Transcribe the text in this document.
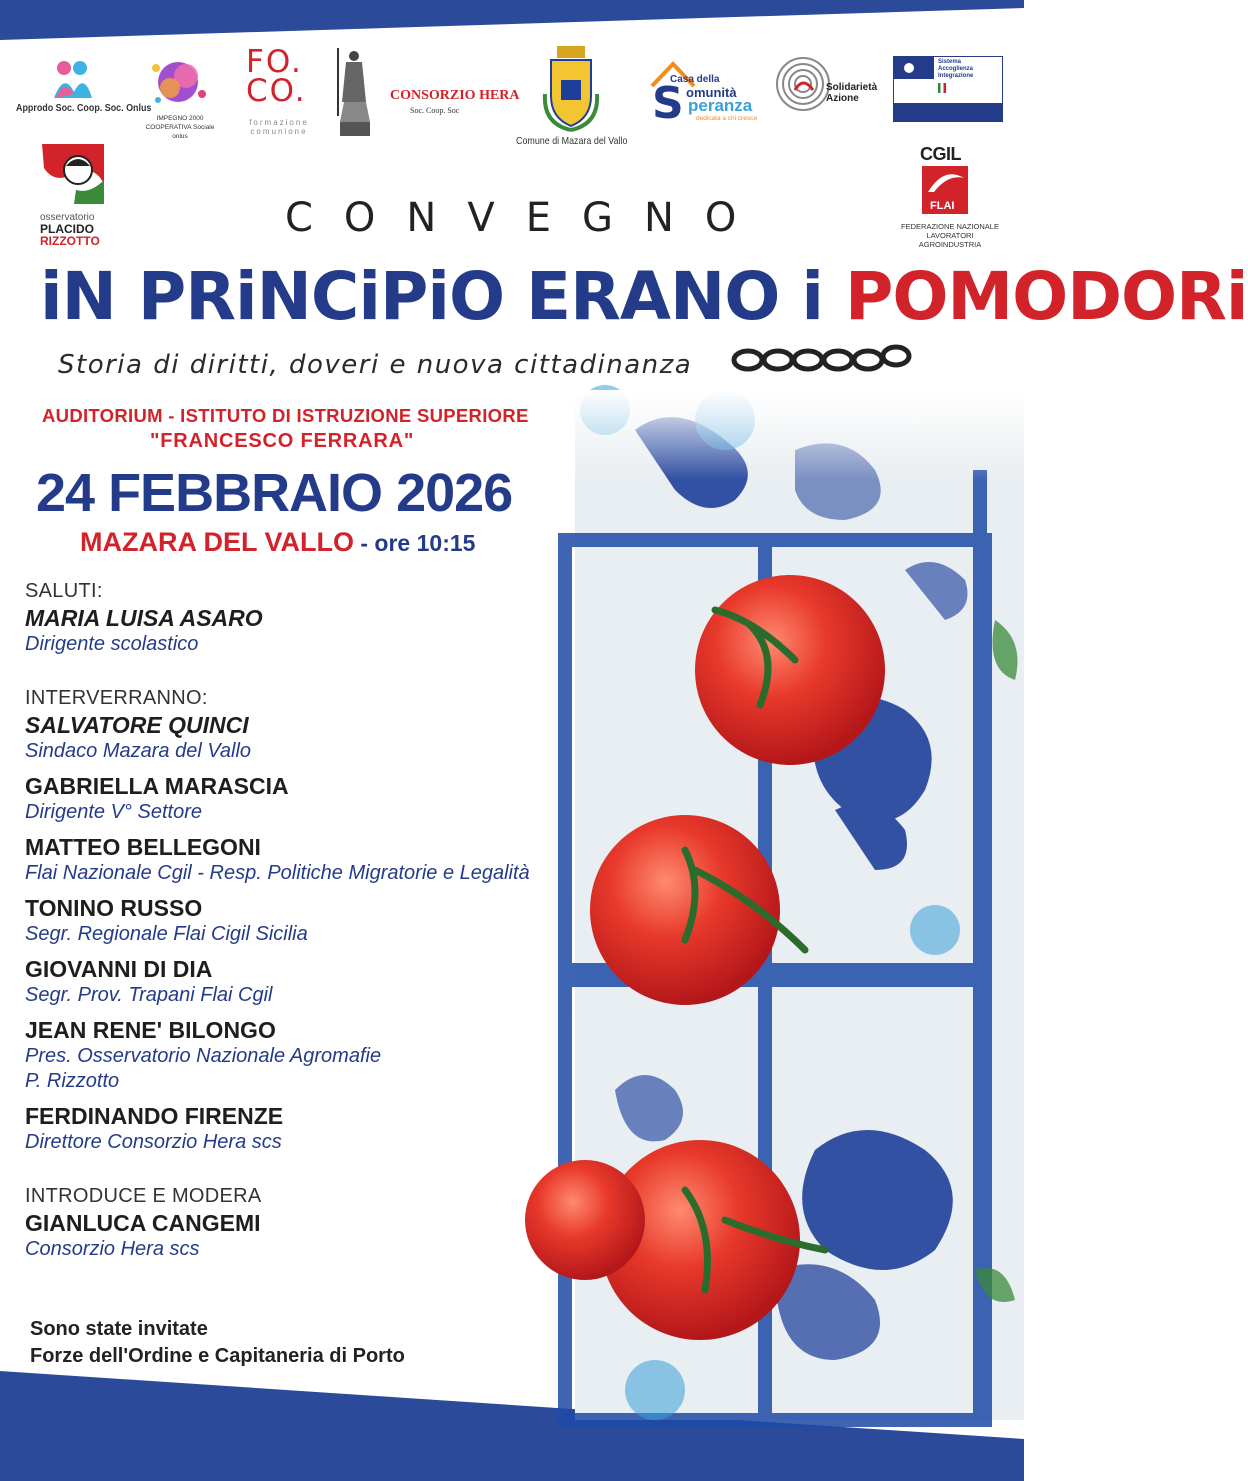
Approdo Soc. Coop. Soc. Onlus
IMPEGNO 2000 COOPERATIVA Sociale onlus
FO.
CO.
formazione comunione
CONSORZIO HERA
Soc. Coop. Soc
Comune di Mazara del Vallo
S
Casa della
omunità
peranza
dedicata a chi cresce
Solidarietà
Azione
Sistema
Accoglienza
Integrazione
osservatorio
PLACIDO
RIZZOTTO
CGIL
FLAI
FEDERAZIONE NAZIONALE
LAVORATORI AGROINDUSTRIA
CONVEGNO
iN PRiNCiPiO ERANO i POMODORi
Storia di diritti, doveri e nuova cittadinanza
AUDITORIUM - ISTITUTO DI ISTRUZIONE SUPERIORE
"FRANCESCO FERRARA"
24 FEBBRAIO 2026
MAZARA DEL VALLO - ore 10:15

SALUTI:

MARIA LUISA ASARO

Dirigente scolastico

INTERVERRANNO:

SALVATORE QUINCI

Sindaco Mazara del Vallo

GABRIELLA MARASCIA

Dirigente V° Settore

MATTEO BELLEGONI

Flai Nazionale Cgil - Resp. Politiche Migratorie e Legalità

TONINO RUSSO

Segr. Regionale Flai Cigil Sicilia

GIOVANNI DI DIA

Segr. Prov. Trapani Flai Cgil

JEAN RENE' BILONGO

Pres. Osservatorio Nazionale Agromafie

P. Rizzotto

FERDINANDO FIRENZE

Direttore Consorzio Hera scs

INTRODUCE E MODERA

GIANLUCA CANGEMI

Consorzio Hera scs

Sono state invitate
Forze dell'Ordine e Capitaneria di Porto
